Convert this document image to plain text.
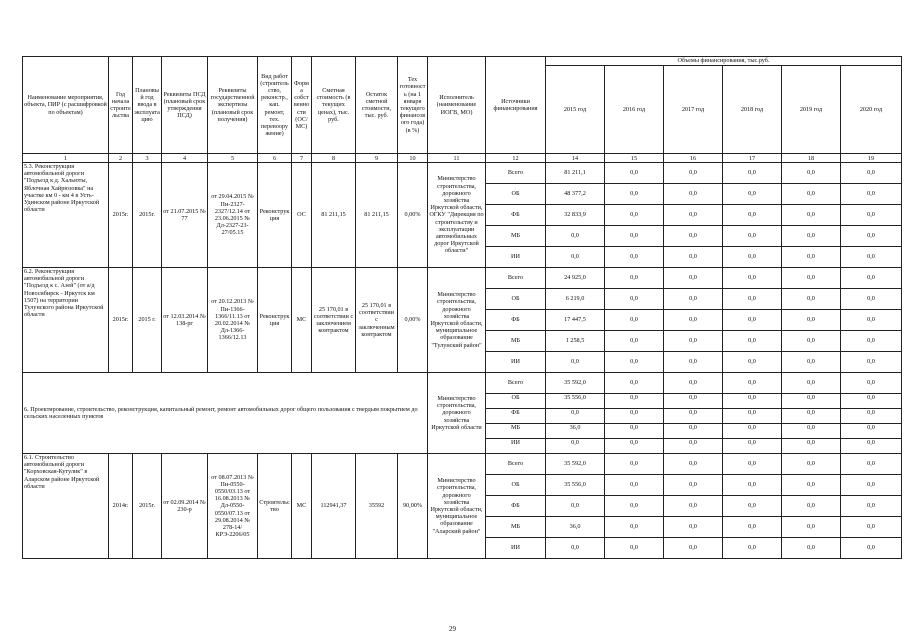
Наименование мероприятия, объекта, ПИР (с расшифровкой по объектам)	Год начала строительства	Плановый год ввода в эксплуатацию	Реквизиты ПСД (плановый срок утверждения ПСД)	Реквизиты государственной экспертизы (плановый срок получения)	Вид работ (строительство, реконстр., кап. ремонт, тех. перевооружение)	Форма собственности (ОС/МС)	Сметная стоимость (в текущих ценах), тыс. руб.	Остаток сметной стоимости, тыс. руб.	Тех готовность (на 1 января текущего финансового года) (в %)	Исполнитель (наименование ИОГВ, МО)	Источники финансирования	Объемы финансирования, тыс.руб.					
												2015 год	2016 год	2017 год	2018 год	2019 год	2020 год
1	2	3	4	5	6	7	8	9	10	11	12	14	15	16	17	18	19
5.3. Реконструкция автомобильной дороги "Подъезд к д. Хальюты, Яблочная Хайрюзовка" на участке км 0 - км 4 в Усть-Удинском районе Иркутской области	2015г.	2015г.	от 21.07.2015 № 77	от 29.04.2015 № Пи-2327-2327/12.14 от 23.06.2015 № Дл-2327-23-27/05.15	Реконструкция	ОС	81 211,15	81 211,15	0,00%	Министерство строительства, дорожного хозяйства Иркутской области, ОГКУ "Дирекция по строительству и эксплуатации автомобильных дорог Иркутской области"	Всего	81 211,1	0,0	0,0	0,0	0,0	0,0
											ОБ	48 377,2	0,0	0,0	0,0	0,0	0,0
											ФБ	32 833,9	0,0	0,0	0,0	0,0	0,0
											МБ	0,0	0,0	0,0	0,0	0,0	0,0
											ИИ	0,0	0,0	0,0	0,0	0,0	0,0
6.2. Реконструкция автомобильной дороги "Подъезд к с. Азей" (от а/д Новосибирск - Иркутск км 1507) на территории Тулунского района Иркутской области	2015г.	2015 г.	от 12.03.2014 № 138-рг	от 20.12.2013 № Пи-1366-1366/11.13 от 20.02.2014 № Дл-1366-1366/12.13	Реконструкция	МС	25 170,01 в соответствии с заключением контрактом	25 170,01 в соответствии с заключенным контрактом	0,00%	Министерство строительства, дорожного хозяйства Иркутской области, муниципальное образование "Тулунский район"	Всего	24 925,0	0,0	0,0	0,0	0,0	0,0
											ОБ	6 219,0	0,0	0,0	0,0	0,0	0,0
											ФБ	17 447,5	0,0	0,0	0,0	0,0	0,0
											МБ	1 258,5	0,0	0,0	0,0	0,0	0,0
											ИИ	0,0	0,0	0,0	0,0	0,0	0,0
6. Проектирование, строительство, реконструкция, капитальный ремонт, ремонт автомобильных дорог общего пользования с твердым покрытием до сельских населенных пунктов										Министерство строительства, дорожного хозяйства Иркутской области	Всего	35 592,0	0,0	0,0	0,0	0,0	0,0
											ОБ	35 556,0	0,0	0,0	0,0	0,0	0,0
											ФБ	0,0	0,0	0,0	0,0	0,0	0,0
											МБ	36,0	0,0	0,0	0,0	0,0	0,0
											ИИ	0,0	0,0	0,0	0,0	0,0	0,0
6.1. Строительство автомобильной дороги "Корховская-Кутулик" в Аларском районе Иркутской области	2014г.	2015г.	от 02.09.2014 № 230-р	от 08.07.2013 № Пи-0550-0550/03.13 от 16.08.2013 № Дл-0550-0550/07.13 от 29.08.2014 № 278-14/КРЭ-2206/05	Строительство	МС	112941,37	35592	90,00%	Министерство строительства, дорожного хозяйства Иркутской области, муниципальное образование "Аларский район"	Всего	35 592,0	0,0	0,0	0,0	0,0	0,0
											ОБ	35 556,0	0,0	0,0	0,0	0,0	0,0
											ФБ	0,0	0,0	0,0	0,0	0,0	0,0
											МБ	36,0	0,0	0,0	0,0	0,0	0,0
											ИИ	0,0	0,0	0,0	0,0	0,0	0,0
29
